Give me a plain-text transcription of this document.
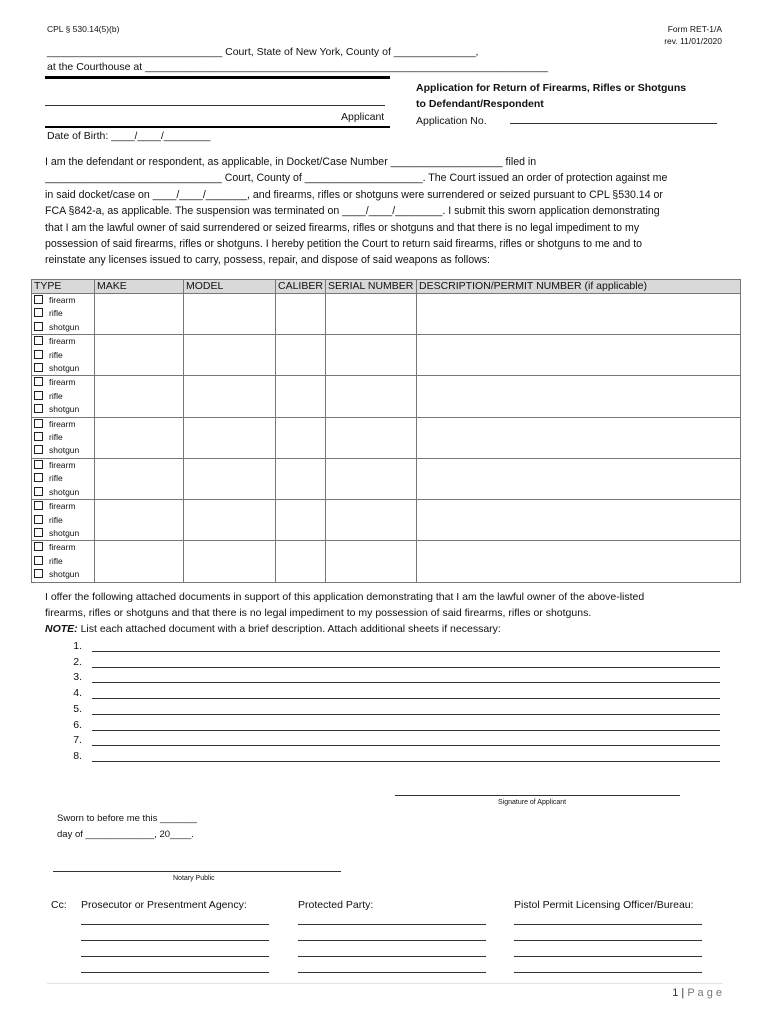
CPL § 530.14(5)(b)	Form RET-1/A
rev. 11/01/2020
______________________________ Court, State of New York, County of ______________,
at the Courthouse at _____________________________________________________________________
Applicant
Date of Birth: ____/____/________
Application for Return of Firearms, Rifles or Shotguns
to Defendant/Respondent
Application No.

I am the defendant or respondent, as applicable, in Docket/Case Number ___________________ filed in

______________________________ Court, County of ____________________. The Court issued an order of protection against me

in said docket/case on ____/____/_______, and firearms, rifles or shotguns were surrendered or seized pursuant to CPL §530.14 or

FCA §842-a, as applicable. The suspension was terminated on ____/____/________. I submit this sworn application demonstrating

that I am the lawful owner of said surrendered or seized firearms, rifles or shotguns and that there is no legal impediment to my

possession of said firearms, rifles or shotguns. I hereby petition the Court to return said firearms, rifles or shotguns to me and to

reinstate any licenses issued to carry, possess, repair, and dispose of said weapons as follows:

TYPE	MAKE	MODEL	CALIBER	SERIAL NUMBER	DESCRIPTION/PERMIT NUMBER (if applicable)

firearm
rifle
shotgun					

firearm
rifle
shotgun					

firearm
rifle
shotgun					

firearm
rifle
shotgun					

firearm
rifle
shotgun					

firearm
rifle
shotgun					

firearm
rifle
shotgun					

I offer the following attached documents in support of this application demonstrating that I am the lawful owner of the above-listed
firearms, rifles or shotguns and that there is no legal impediment to my possession of said firearms, rifles or shotguns.
NOTE: List each attached document with a brief description. Attach additional sheets if necessary:
1.
2.
3.
4.
5.
6.
7.
8.
Signature of Applicant
Sworn to before me this _______
day of _____________, 20____.
Notary Public
Cc: Prosecutor or Presentment Agency:	Protected Party:	Pistol Permit Licensing Officer/Bureau:
1 | P a g e
